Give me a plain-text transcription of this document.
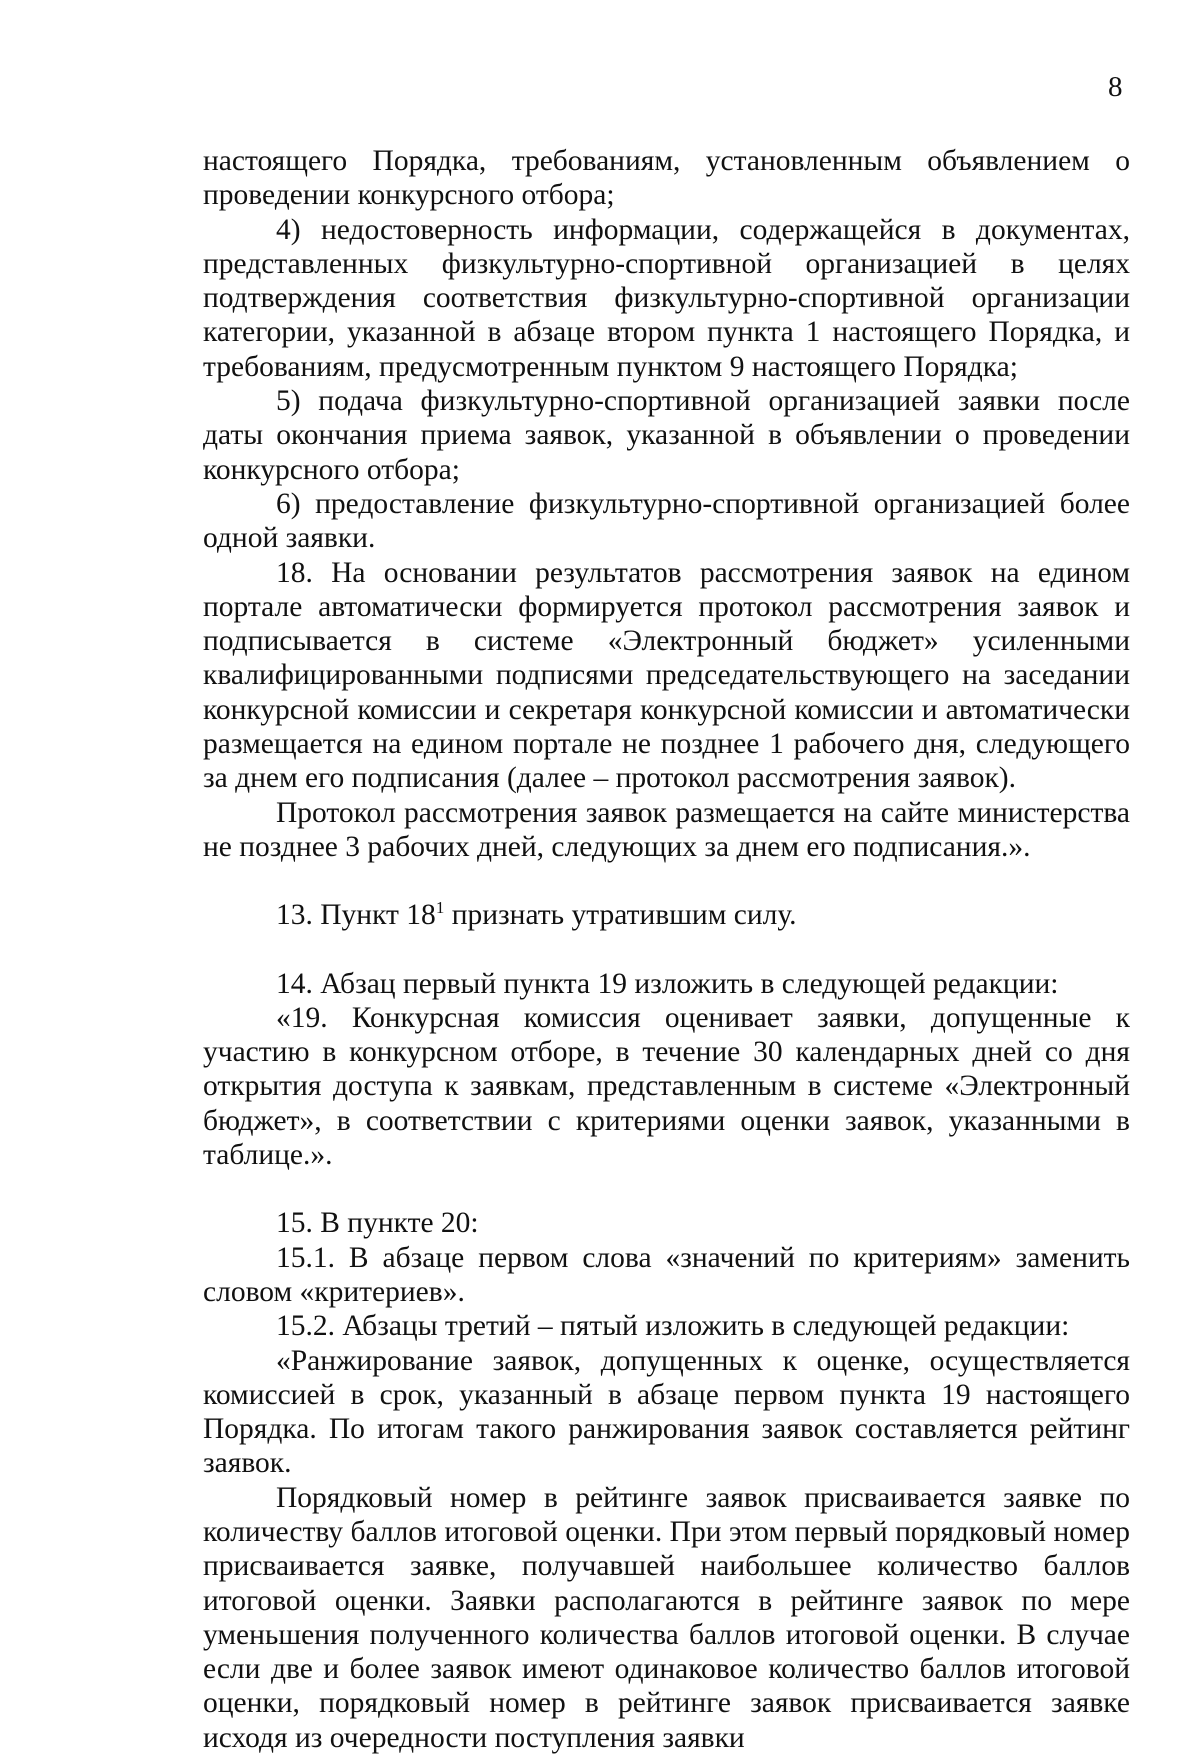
8

настоящего Порядка, требованиям, установленным объявлением о проведении конкурсного отбора;

4) недостоверность информации, содержащейся в документах, представленных физкультурно-спортивной организацией в целях подтверждения соответствия физкультурно-спортивной организации категории, указанной в абзаце втором пункта 1 настоящего Порядка, и требованиям, предусмотренным пунктом 9 настоящего Порядка;

5) подача физкультурно-спортивной организацией заявки после даты окончания приема заявок, указанной в объявлении о проведении конкурсного отбора;

6) предоставление физкультурно-спортивной организацией более одной заявки.

18. На основании результатов рассмотрения заявок на едином портале автоматически формируется протокол рассмотрения заявок и подписывается в системе «Электронный бюджет» усиленными квалифицированными подписями председательствующего на заседании конкурсной комиссии и секретаря конкурсной комиссии и автоматически размещается на едином портале не позднее 1 рабочего дня, следующего за днем его подписания (далее – протокол рассмотрения заявок).

Протокол рассмотрения заявок размещается на сайте министерства не позднее 3 рабочих дней, следующих за днем его подписания.».

13. Пункт $18^1$ признать утратившим силу.

14. Абзац первый пункта 19 изложить в следующей редакции:

«19. Конкурсная комиссия оценивает заявки, допущенные к участию в конкурсном отборе, в течение 30 календарных дней со дня открытия доступа к заявкам, представленным в системе «Электронный бюджет», в соответствии с критериями оценки заявок, указанными в таблице.».

15. В пункте 20:

15.1. В абзаце первом слова «значений по критериям» заменить словом «критериев».

15.2. Абзацы третий – пятый изложить в следующей редакции:

«Ранжирование заявок, допущенных к оценке, осуществляется комиссией в срок, указанный в абзаце первом пункта 19 настоящего Порядка. По итогам такого ранжирования заявок составляется рейтинг заявок.

Порядковый номер в рейтинге заявок присваивается заявке по количеству баллов итоговой оценки. При этом первый порядковый номер присваивается заявке, получавшей наибольшее количество баллов итоговой оценки. Заявки располагаются в рейтинге заявок по мере уменьшения полученного количества баллов итоговой оценки. В случае если две и более заявок имеют одинаковое количество баллов итоговой оценки, порядковый номер в рейтинге заявок присваивается заявке исходя из очередности поступления заявки
